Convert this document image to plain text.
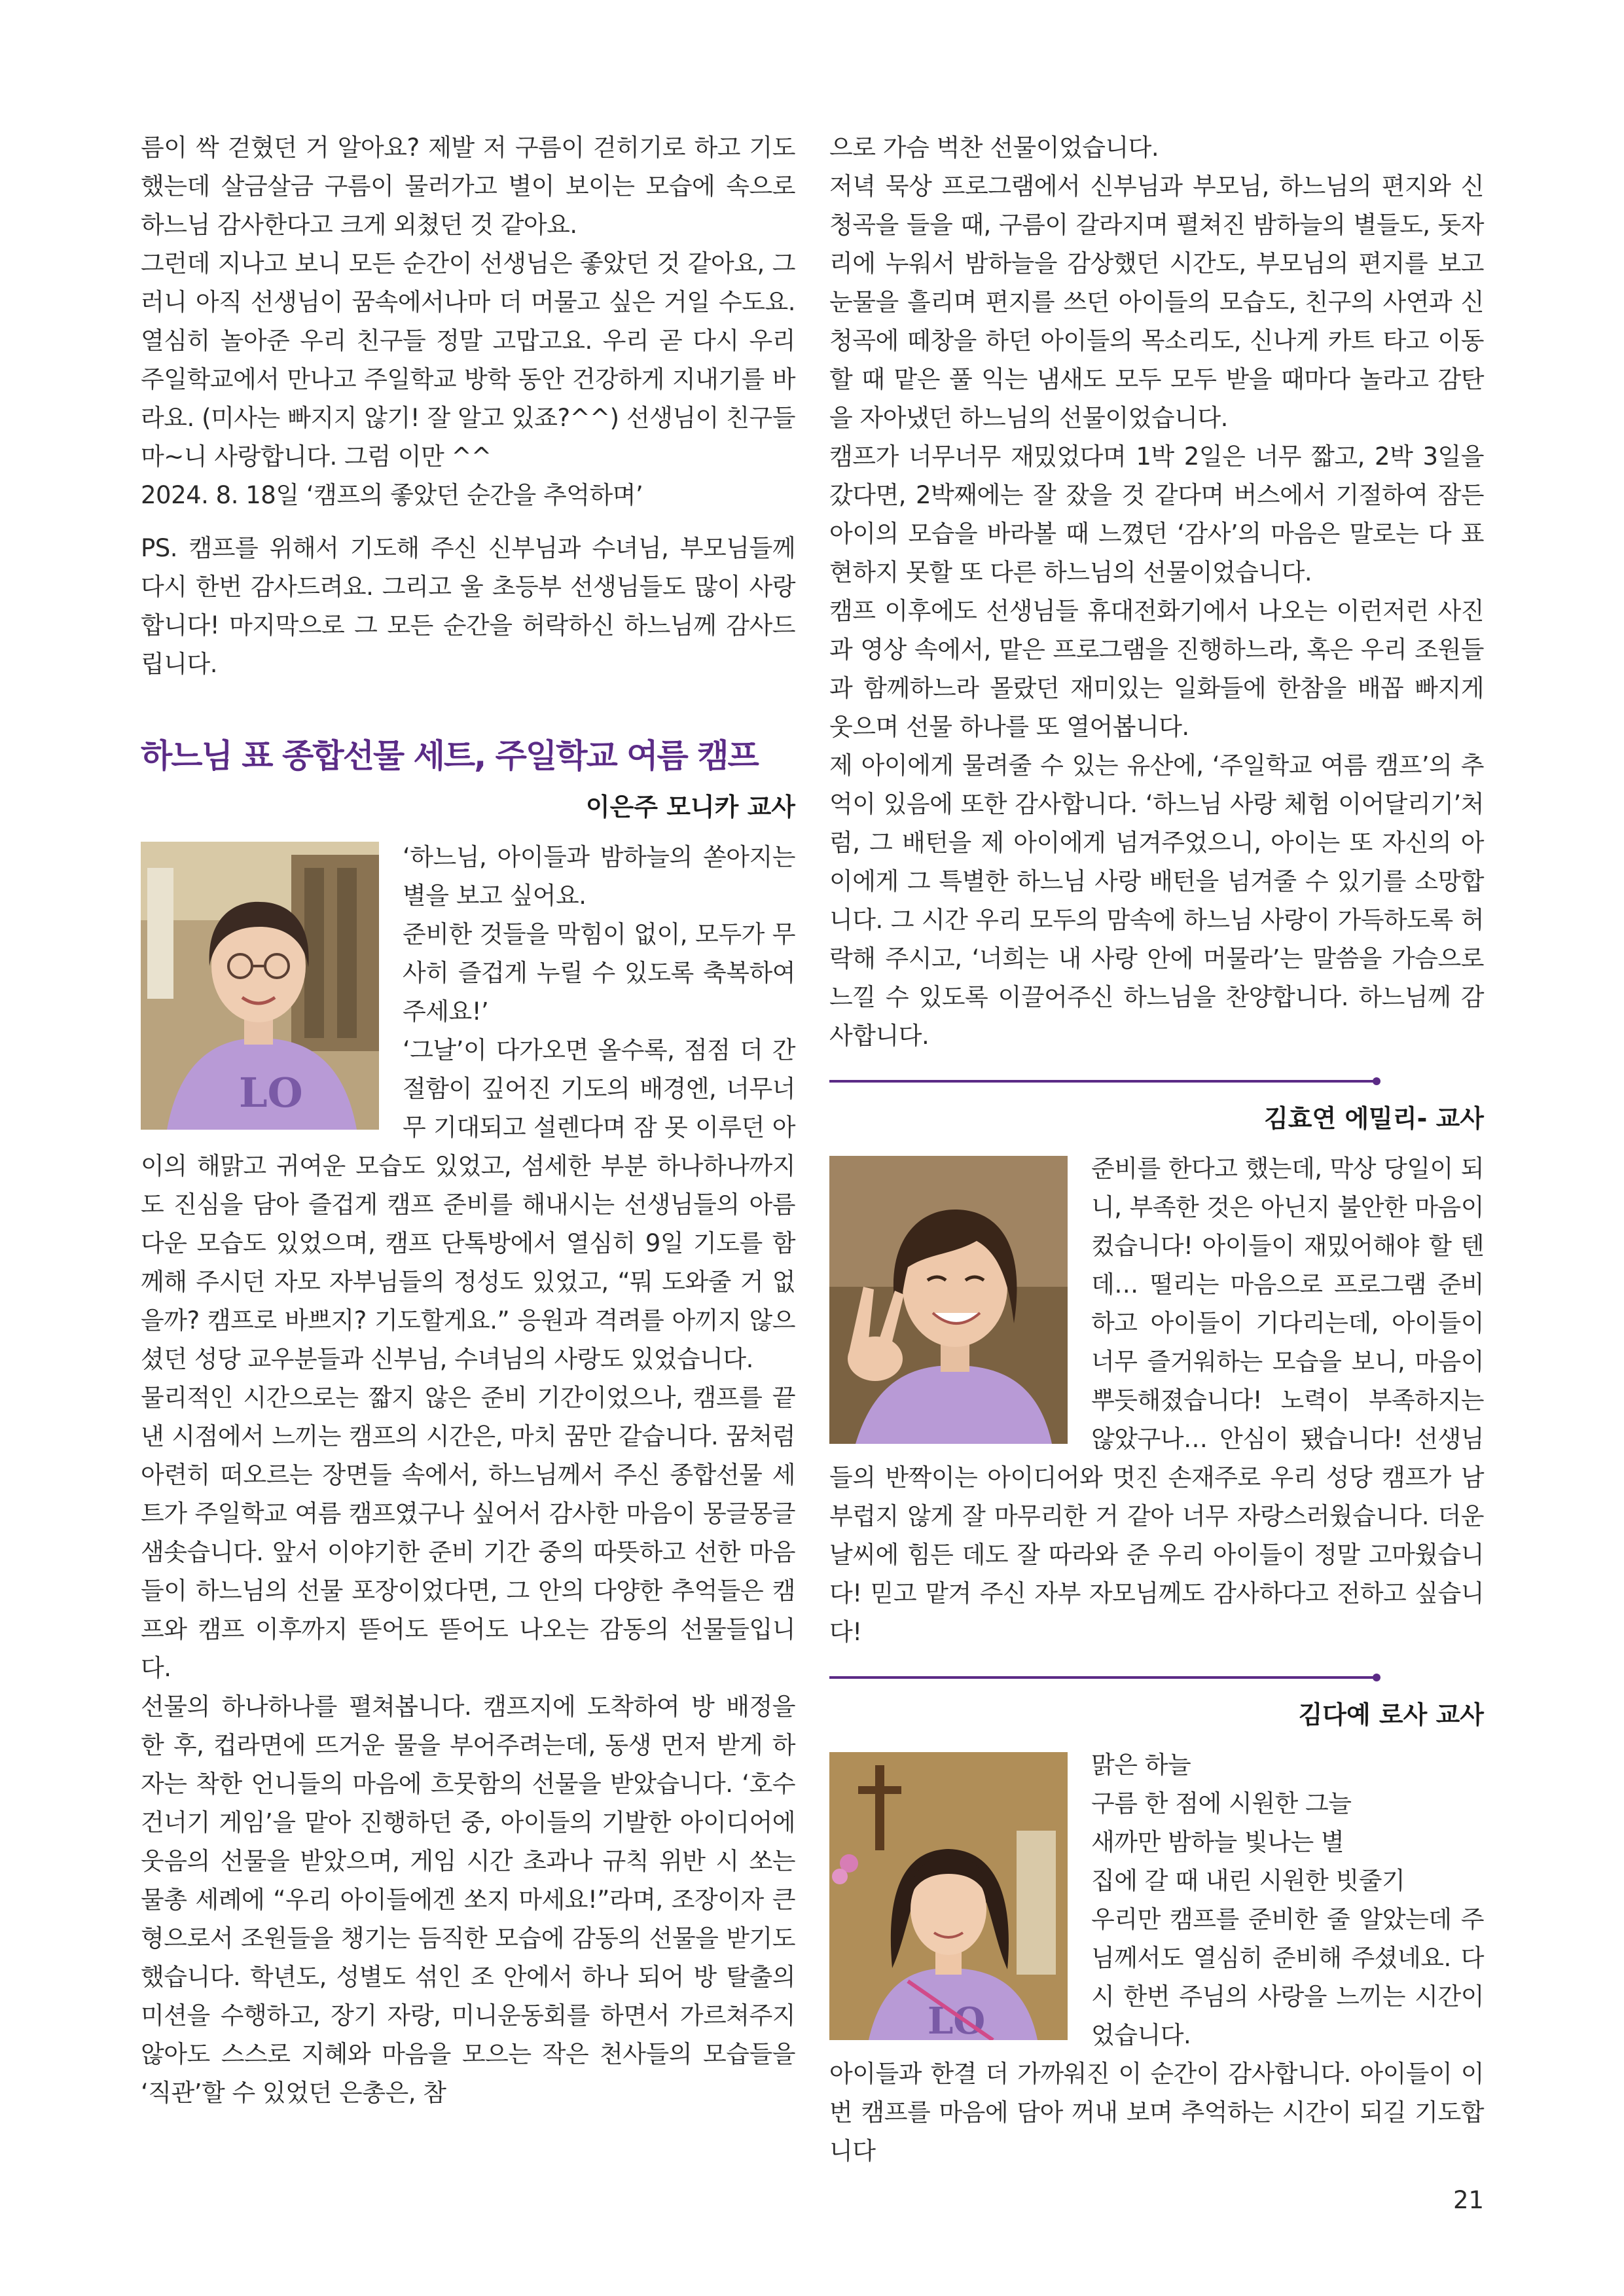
름이 싹 걷혔던 거 알아요? 제발 저 구름이 걷히기로 하고 기도했는데 살금살금 구름이 물러가고 별이 보이는 모습에 속으로 하느님 감사한다고 크게 외쳤던 것 같아요.

그런데 지나고 보니 모든 순간이 선생님은 좋았던 것 같아요, 그러니 아직 선생님이 꿈속에서나마 더 머물고 싶은 거일 수도요. 열심히 놀아준 우리 친구들 정말 고맙고요. 우리 곧 다시 우리 주일학교에서 만나고 주일학교 방학 동안 건강하게 지내기를 바라요. (미사는 빠지지 않기! 잘 알고 있죠?^^) 선생님이 친구들 마~니 사랑합니다. 그럼 이만 ^^

2024. 8. 18일 ‘캠프의 좋았던 순간을 추억하며’

PS. 캠프를 위해서 기도해 주신 신부님과 수녀님, 부모님들께 다시 한번 감사드려요. 그리고 울 초등부 선생님들도 많이 사랑합니다! 마지막으로 그 모든 순간을 허락하신 하느님께 감사드립니다.

하느님 표 종합선물 세트, 주일학교 여름 캠프
이은주 모니카 교사
LO

‘하느님, 아이들과 밤하늘의 쏟아지는 별을 보고 싶어요.

준비한 것들을 막힘이 없이, 모두가 무사히 즐겁게 누릴 수 있도록 축복하여 주세요!’

‘그날’이 다가오면 올수록, 점점 더 간절함이 깊어진 기도의 배경엔, 너무너무 기대되고 설렌다며 잠 못 이루던 아이의 해맑고 귀여운 모습도 있었고, 섬세한 부분 하나하나까지도 진심을 담아 즐겁게 캠프 준비를 해내시는 선생님들의 아름다운 모습도 있었으며, 캠프 단톡방에서 열심히 9일 기도를 함께해 주시던 자모 자부님들의 정성도 있었고, “뭐 도와줄 거 없을까? 캠프로 바쁘지? 기도할게요.” 응원과 격려를 아끼지 않으셨던 성당 교우분들과 신부님, 수녀님의 사랑도 있었습니다.

물리적인 시간으로는 짧지 않은 준비 기간이었으나, 캠프를 끝낸 시점에서 느끼는 캠프의 시간은, 마치 꿈만 같습니다. 꿈처럼 아련히 떠오르는 장면들 속에서, 하느님께서 주신 종합선물 세트가 주일학교 여름 캠프였구나 싶어서 감사한 마음이 몽글몽글 샘솟습니다. 앞서 이야기한 준비 기간 중의 따뜻하고 선한 마음들이 하느님의 선물 포장이었다면, 그 안의 다양한 추억들은 캠프와 캠프 이후까지 뜯어도 뜯어도 나오는 감동의 선물들입니다.

선물의 하나하나를 펼쳐봅니다. 캠프지에 도착하여 방 배정을 한 후, 컵라면에 뜨거운 물을 부어주려는데, 동생 먼저 받게 하자는 착한 언니들의 마음에 흐뭇함의 선물을 받았습니다. ‘호수 건너기 게임’을 맡아 진행하던 중, 아이들의 기발한 아이디어에 웃음의 선물을 받았으며, 게임 시간 초과나 규칙 위반 시 쏘는 물총 세례에 “우리 아이들에겐 쏘지 마세요!”라며, 조장이자 큰 형으로서 조원들을 챙기는 듬직한 모습에 감동의 선물을 받기도 했습니다. 학년도, 성별도 섞인 조 안에서 하나 되어 방 탈출의 미션을 수행하고, 장기 자랑, 미니운동회를 하면서 가르쳐주지 않아도 스스로 지혜와 마음을 모으는 작은 천사들의 모습들을 ‘직관’할 수 있었던 은총은, 참

으로 가슴 벅찬 선물이었습니다.

저녁 묵상 프로그램에서 신부님과 부모님, 하느님의 편지와 신청곡을 들을 때, 구름이 갈라지며 펼쳐진 밤하늘의 별들도, 돗자리에 누워서 밤하늘을 감상했던 시간도, 부모님의 편지를 보고 눈물을 흘리며 편지를 쓰던 아이들의 모습도, 친구의 사연과 신청곡에 떼창을 하던 아이들의 목소리도, 신나게 카트 타고 이동할 때 맡은 풀 익는 냄새도 모두 모두 받을 때마다 놀라고 감탄을 자아냈던 하느님의 선물이었습니다.

캠프가 너무너무 재밌었다며 1박 2일은 너무 짧고, 2박 3일을 갔다면, 2박째에는 잘 잤을 것 같다며 버스에서 기절하여 잠든 아이의 모습을 바라볼 때 느꼈던 ‘감사’의 마음은 말로는 다 표현하지 못할 또 다른 하느님의 선물이었습니다.

캠프 이후에도 선생님들 휴대전화기에서 나오는 이런저런 사진과 영상 속에서, 맡은 프로그램을 진행하느라, 혹은 우리 조원들과 함께하느라 몰랐던 재미있는 일화들에 한참을 배꼽 빠지게 웃으며 선물 하나를 또 열어봅니다.

제 아이에게 물려줄 수 있는 유산에, ‘주일학교 여름 캠프’의 추억이 있음에 또한 감사합니다. ‘하느님 사랑 체험 이어달리기’처럼, 그 배턴을 제 아이에게 넘겨주었으니, 아이는 또 자신의 아이에게 그 특별한 하느님 사랑 배턴을 넘겨줄 수 있기를 소망합니다. 그 시간 우리 모두의 맘속에 하느님 사랑이 가득하도록 허락해 주시고, ‘너희는 내 사랑 안에 머물라’는 말씀을 가슴으로 느낄 수 있도록 이끌어주신 하느님을 찬양합니다. 하느님께 감사합니다.

김효연 에밀리- 교사

준비를 한다고 했는데, 막상 당일이 되니, 부족한 것은 아닌지 불안한 마음이 컸습니다! 아이들이 재밌어해야 할 텐데… 떨리는 마음으로 프로그램 준비하고 아이들이 기다리는데, 아이들이 너무 즐거워하는 모습을 보니, 마음이 뿌듯해졌습니다! 노력이 부족하지는 않았구나… 안심이 됐습니다! 선생님들의 반짝이는 아이디어와 멋진 손재주로 우리 성당 캠프가 남부럽지 않게 잘 마무리한 거 같아 너무 자랑스러웠습니다. 더운 날씨에 힘든 데도 잘 따라와 준 우리 아이들이 정말 고마웠습니다! 믿고 맡겨 주신 자부 자모님께도 감사하다고 전하고 싶습니다!

김다예 로사 교사
LO
맑은 하늘
구름 한 점에 시원한 그늘
새까만 밤하늘 빛나는 별
집에 갈 때 내린 시원한 빗줄기

우리만 캠프를 준비한 줄 알았는데 주님께서도 열심히 준비해 주셨네요. 다시 한번 주님의 사랑을 느끼는 시간이었습니다.

아이들과 한결 더 가까워진 이 순간이 감사합니다. 아이들이 이번 캠프를 마음에 담아 꺼내 보며 추억하는 시간이 되길 기도합니다

21
